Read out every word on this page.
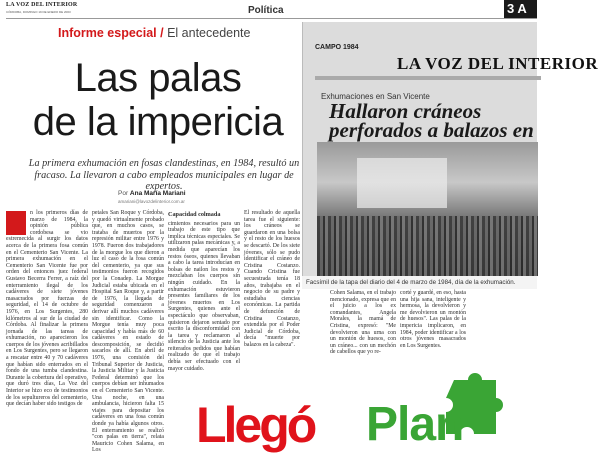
LA VOZ DEL INTERIOR
CÓRDOBA, DOMINGO 19 DE ENERO DE 2003	Política	3 A
Informe especial / El antecedente
Las palas
de la impericia
CAMPO 1984
LA VOZ DEL INTERIOR
Exhumaciones en San Vicente
Hallaron cráneos
perforados a balazos en
Facsímil de la tapa del diario del 4 de marzo de 1984, día de la exhumación.
La primera exhumación en fosas clandestinas, en 1984, resultó un fracaso. La llevaron a cabo empleados municipales en lugar de expertos.
Por Ana María Mariani
amariani@lavozdelinterior.com.ar

n los primeros días de marzo de 1984, la opinión pública cordobesa se vio estremecida al surgir los datos acerca de la primera fosa común en el Cementerio San Vicente. La primera exhumación en el Cementerio San Vicente fue por orden del entonces juez federal Gustavo Becerra Ferrer, a raíz del enterramiento ilegal de los cadáveres de siete jóvenes masacrados por fuerzas de seguridad, el 14 de octubre de 1976, en Los Surgentes, 280 kilómetros al sur de la ciudad de Córdoba. Al finalizar la primera jornada de las tareas de exhumación, no aparecieron los cuerpos de los jóvenes acribillados en Los Surgentes, pero se llegaron a rescatar entre 40 y 70 cadáveres que habían sido enterrados en el fondo de una tumba clandestina. Durante la cobertura del operativo, que duró tres días, La Voz del Interior se hizo eco de testimonios de los sepultureros del cementerio, que decían haber sido testigos de

petales San Roque y Córdoba, y quedó virtualmente probado que, en muchos casos, se trataba de muertos por la represión militar entre 1976 y 1978. Fueron dos trabajadores de la morgue los que dieron a luz el caso de la fosa común del cementerio, ya que sus testimonios fueron recogidos por la Conadep. La Morgue Judicial estaba ubicada en el Hospital San Roque y, a partir de 1976, la llegada de seguridad comenzaron a derivar allí muchos cadáveres sin identificar. Como la Morgue tenía muy poca capacidad y había más de 60 cadáveres en estado de descomposición, se decidió sacarlos de allí. En abril de 1976, una comisión del Tribunal Superior de Justicia, la Justicia Militar y la Justicia Federal determinó que los cuerpos debían ser inhumados en el Cementerio San Vicente. Una noche, en una ambulancia, hicieron falta 15 viajes para depositar los cadáveres en una fosa común donde ya había algunos otros. El enterramiento se realizó "con palas en tierra", relata Mauricio Cohen Salama, en Los

Capacidad colmada

cimientos necesarios para un trabajo de este tipo que implica técnicas especiales. Se utilizaron palas mecánicas y, a medida que aparecían los restos óseos, quienes llevaban a cabo la tarea introducían en bolsas de nailon los restos y mezclaban los cuerpos sin ningún cuidado. En la exhumación estuvieron presentes familiares de los jóvenes muertos en Los Surgentes, quienes ante el espectáculo que observaban, quisieron dejaron sentado por escrito la disconformidad con la tarea y reclamaron al silencio de la Justicia ante los reiterados pedidos que habían realizado de que el trabajo debía ser efectuado con el mayor cuidado.

El resultado de aquella tarea fue el siguiente: los cráneos se guardaron en una bolsa y el resto de los huesos se descartó. De los siete jóvenes, sólo se pudo identificar el cráneo de Cristina Costanzo. Cuando Cristina fue secuestrada tenía 18 años, trabajaba en el negocio de su padre y estudiaba ciencias económicas. La partida de defunción de Cristina Costanzo, extendida por el Poder Judicial de Córdoba, decía "muerte por balazos en la cabeza".

Cohen Salama, en el trabajo mencionado, expresa que en el juicio a los ex comandantes, Angela Morales, la mamá de Cristina, expresó: "Me devolvieron una urna con un montón de huesos, con un cráneo... con un mechón de cabellos que yo re-

corté y guardé, en eso, hasta una hija sana, inteligente y hermosa, la devolvieron y me devolvieron un montón de huesos". Las palas de la impericia implicaron, en 1984, poder identificar a los otros jóvenes masacrados en Los Surgentes.

Llegó Plan
